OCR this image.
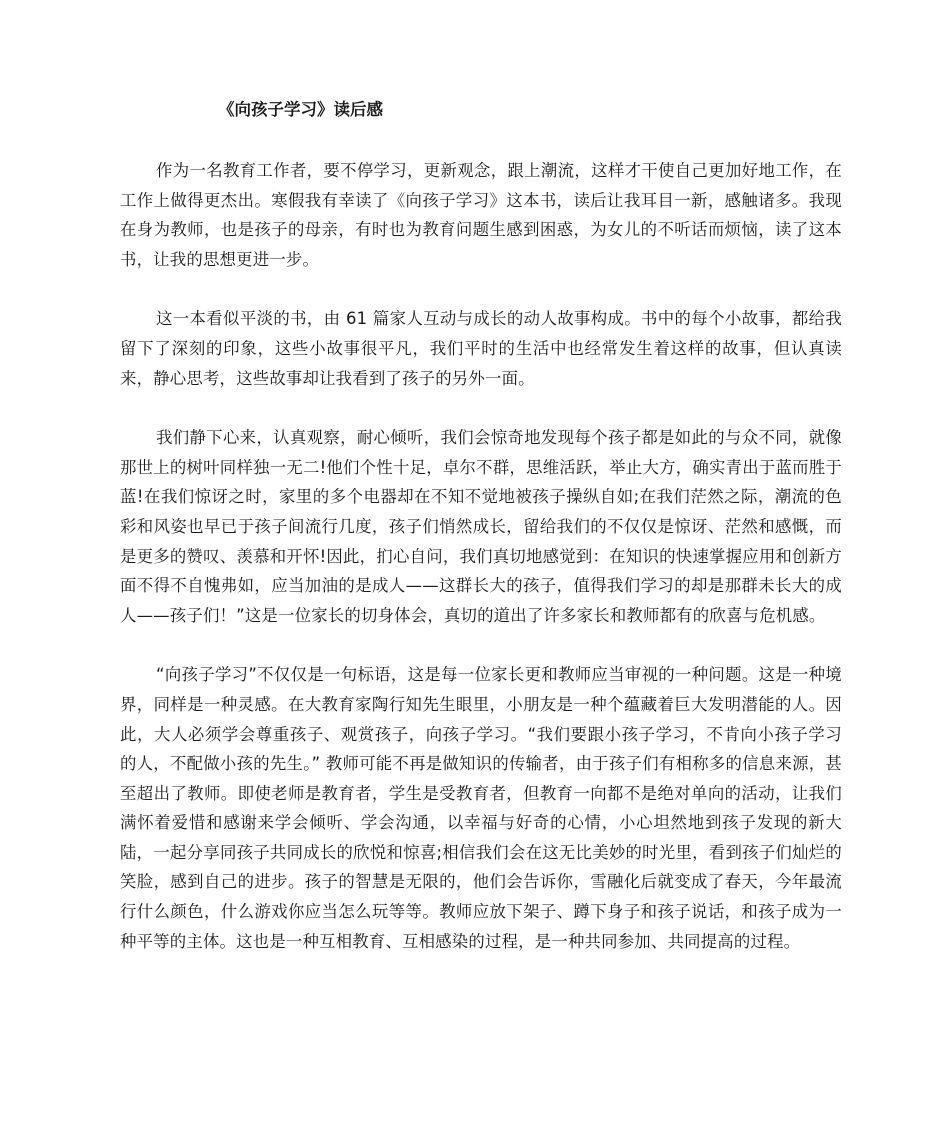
《向孩子学习》读后感

作为一名教育工作者，要不停学习，更新观念，跟上潮流，这样才干使自己更加好地工作，在工作上做得更杰出。寒假我有幸读了《向孩子学习》这本书，读后让我耳目一新，感触诸多。我现在身为教师，也是孩子的母亲，有时也为教育问题生感到困惑，为女儿的不听话而烦恼，读了这本书，让我的思想更进一步。

这一本看似平淡的书，由 61 篇家人互动与成长的动人故事构成。书中的每个小故事，都给我留下了深刻的印象，这些小故事很平凡，我们平时的生活中也经常发生着这样的故事，但认真读来，静心思考，这些故事却让我看到了孩子的另外一面。

我们静下心来，认真观察，耐心倾听，我们会惊奇地发现每个孩子都是如此的与众不同，就像那世上的树叶同样独一无二!他们个性十足，卓尔不群，思维活跃，举止大方，确实青出于蓝而胜于蓝!在我们惊讶之时，家里的多个电器却在不知不觉地被孩子操纵自如;在我们茫然之际，潮流的色彩和风姿也早已于孩子间流行几度，孩子们悄然成长，留给我们的不仅仅是惊讶、茫然和感慨，而是更多的赞叹、羡慕和开怀!因此，扪心自问，我们真切地感觉到：在知识的快速掌握应用和创新方面不得不自愧弗如，应当加油的是成人——这群长大的孩子，值得我们学习的却是那群未长大的成人——孩子们！”这是一位家长的切身体会，真切的道出了许多家长和教师都有的欣喜与危机感。

“向孩子学习”不仅仅是一句标语，这是每一位家长更和教师应当审视的一种问题。这是一种境界，同样是一种灵感。在大教育家陶行知先生眼里，小朋友是一种个蕴藏着巨大发明潜能的人。因此，大人必须学会尊重孩子、观赏孩子，向孩子学习。“我们要跟小孩子学习，不肯向小孩子学习的人，不配做小孩的先生。” 教师可能不再是做知识的传输者，由于孩子们有相称多的信息来源，甚至超出了教师。即使老师是教育者，学生是受教育者，但教育一向都不是绝对单向的活动，让我们满怀着爱惜和感谢来学会倾听、学会沟通，以幸福与好奇的心情，小心坦然地到孩子发现的新大陆，一起分享同孩子共同成长的欣悦和惊喜;相信我们会在这无比美妙的时光里，看到孩子们灿烂的笑脸，感到自己的进步。孩子的智慧是无限的，他们会告诉你，雪融化后就变成了春天，今年最流行什么颜色，什么游戏你应当怎么玩等等。教师应放下架子、蹲下身子和孩子说话，和孩子成为一种平等的主体。这也是一种互相教育、互相感染的过程，是一种共同参加、共同提高的过程。
